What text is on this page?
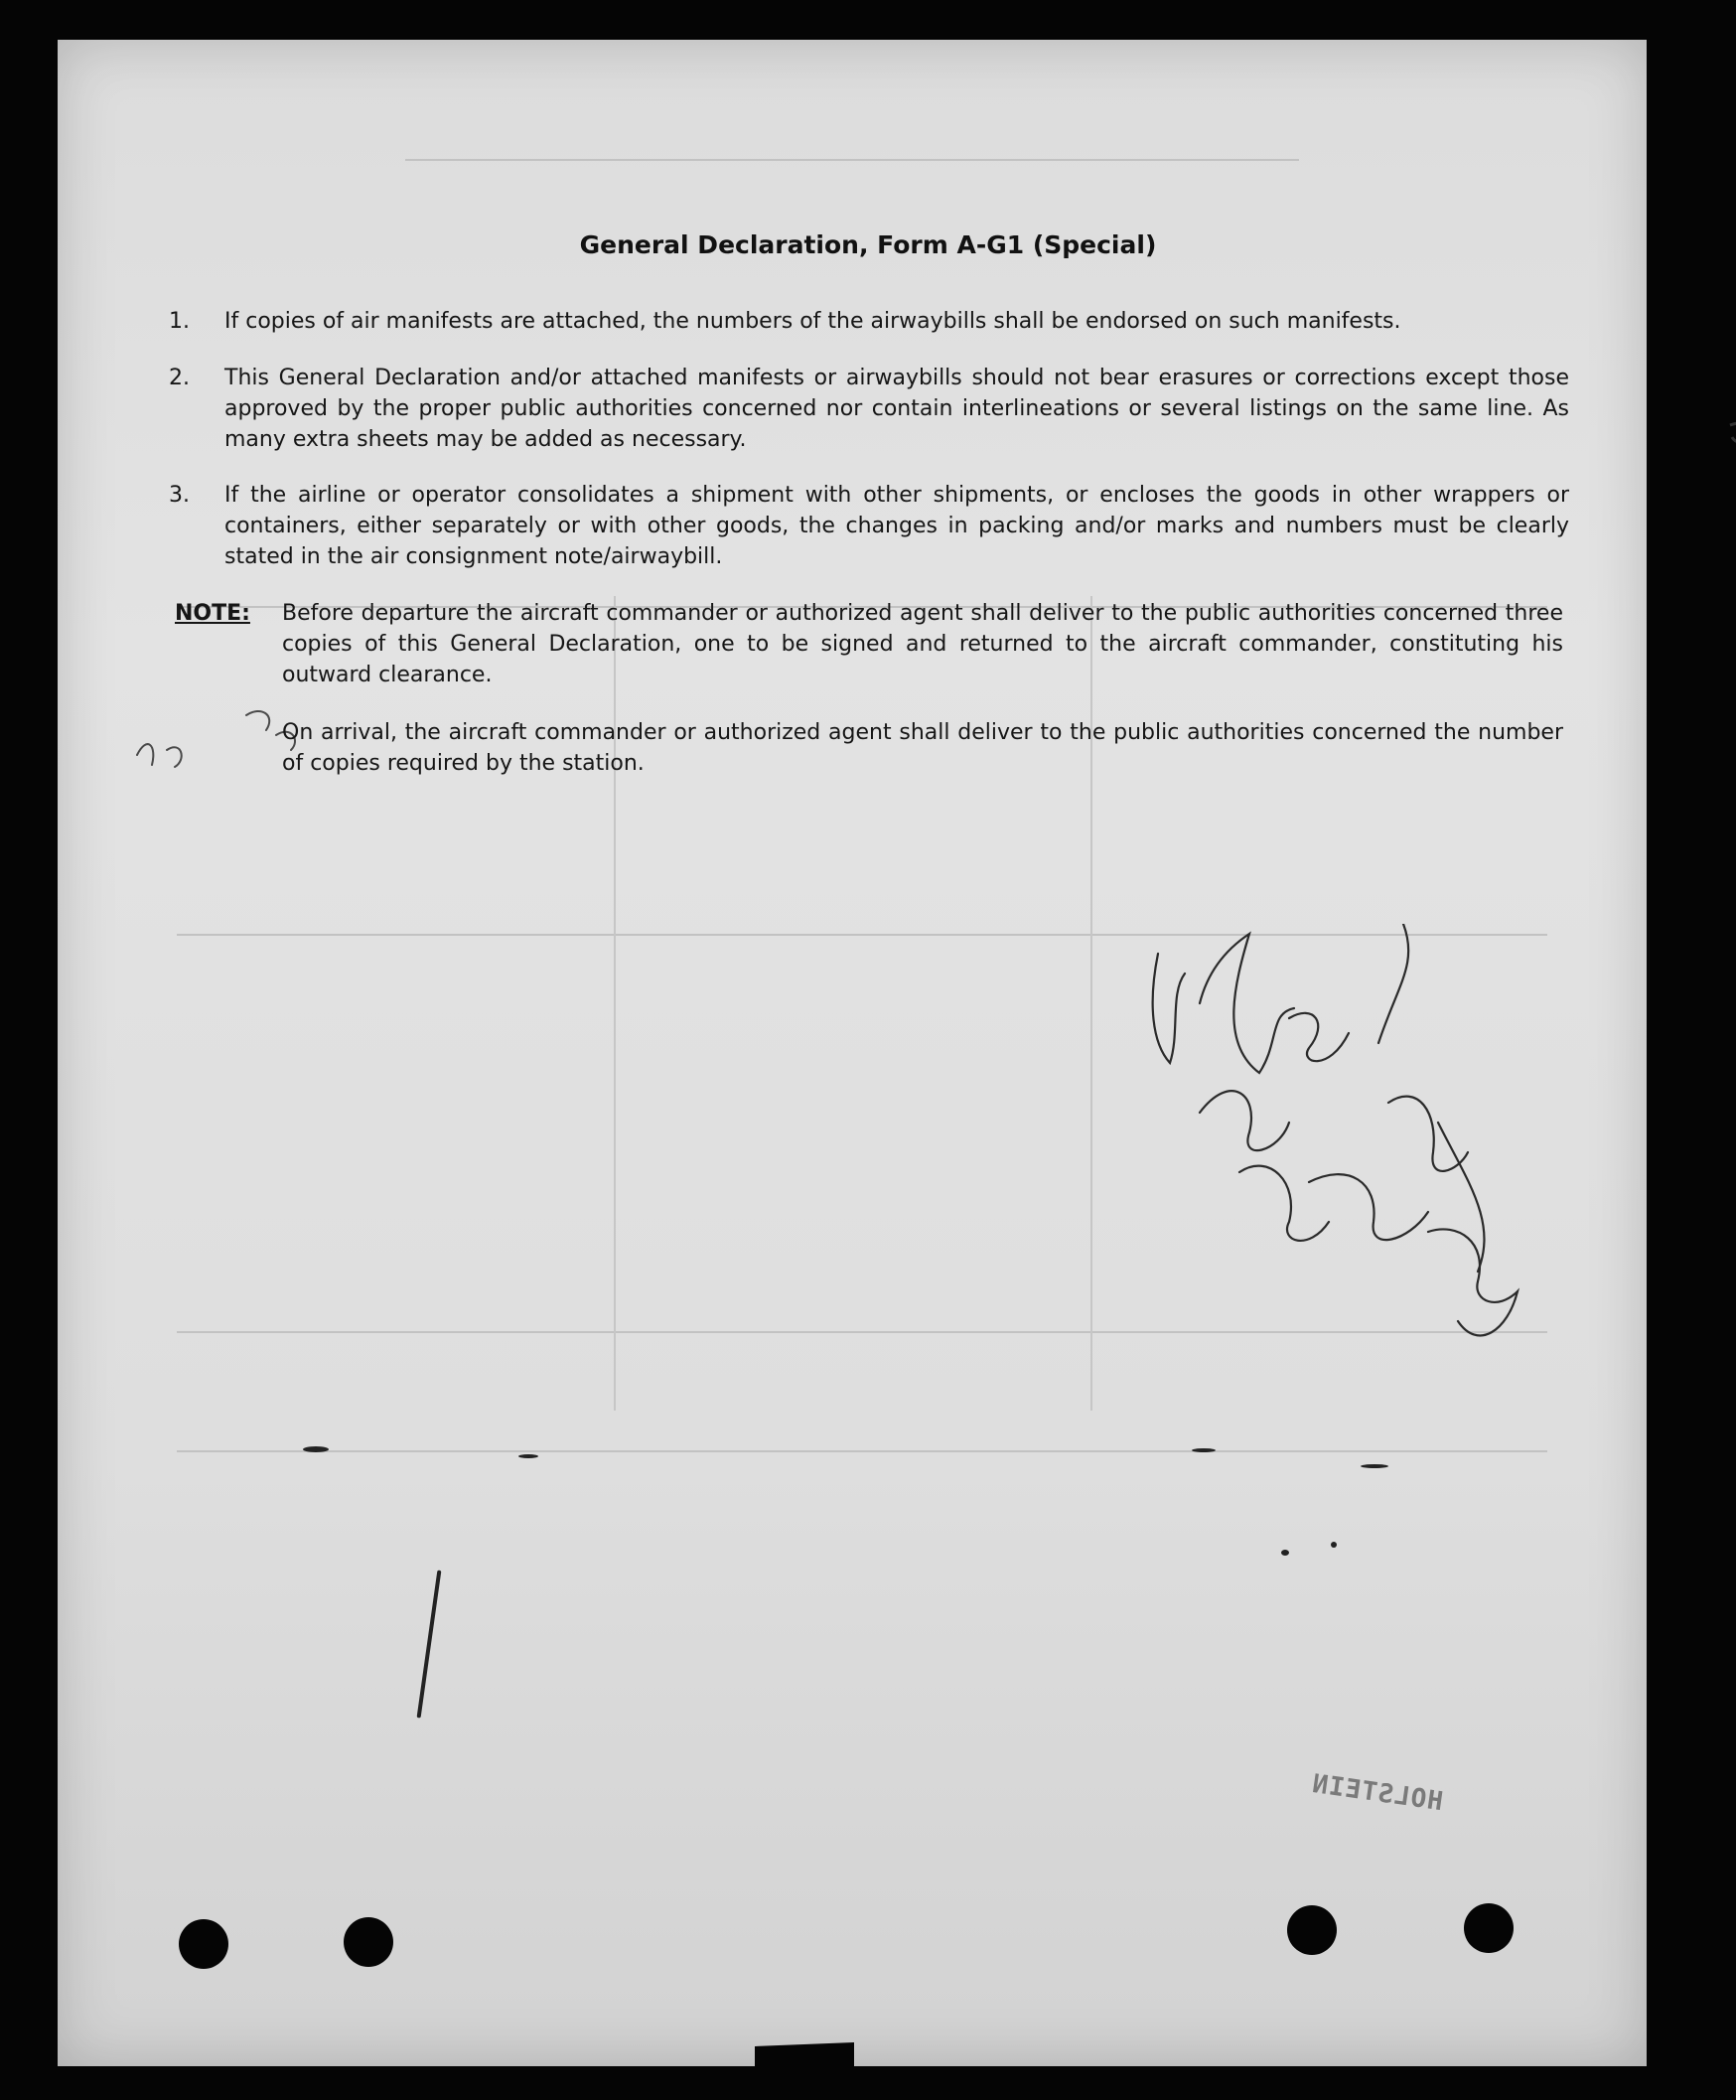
General Declaration, Form A-G1 (Special)
1. If copies of air manifests are attached, the numbers of the airwaybills shall be endorsed on such manifests.
2. This General Declaration and/or attached manifests or airwaybills should not bear erasures or corrections except those approved by the proper public authorities concerned nor contain interlineations or several listings on the same line. As many extra sheets may be added as necessary.
3. If the airline or operator consolidates a shipment with other shipments, or encloses the goods in other wrappers or containers, either separately or with other goods, the changes in packing and/or marks and numbers must be clearly stated in the air consignment note/airwaybill.
NOTE: Before departure the aircraft commander or authorized agent shall deliver to the public authorities concerned three copies of this General Declaration, one to be signed and returned to the aircraft commander, constituting his outward clearance.
On arrival, the aircraft commander or authorized agent shall deliver to the public authorities concerned the number of copies required by the station.
HOLSTEIN
